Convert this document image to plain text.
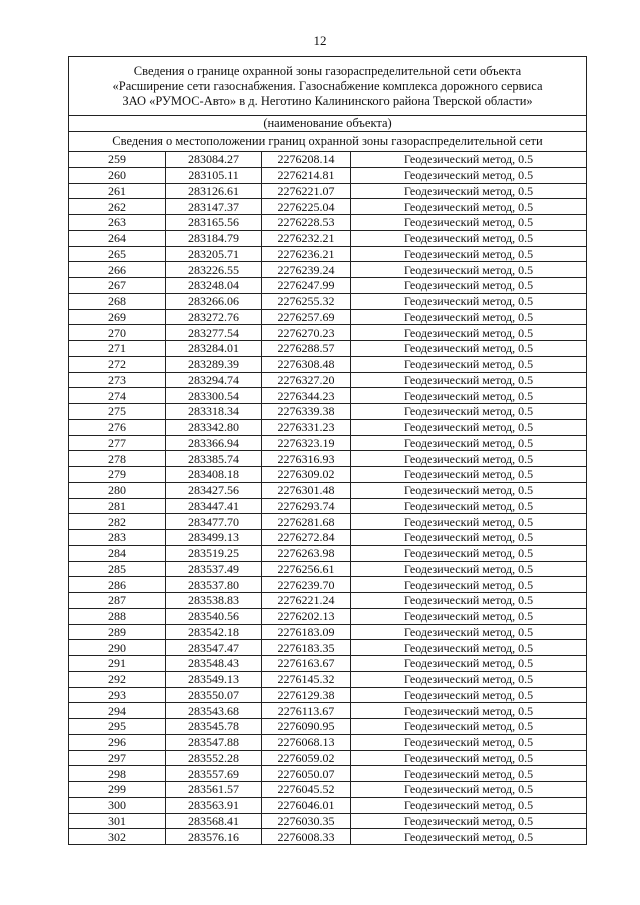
12
Сведения о границе охранной зоны газораспределительной сети объекта
«Расширение сети газоснабжения. Газоснабжение комплекса дорожного сервиса
ЗАО «РУМОС-Авто» в д. Неготино Калининского района Тверской области»			

(наименование объекта)			
Сведения о местоположении границ охранной зоны газораспределительной сети			
259	283084.27	2276208.14	Геодезический метод, 0.5
260	283105.11	2276214.81	Геодезический метод, 0.5
261	283126.61	2276221.07	Геодезический метод, 0.5
262	283147.37	2276225.04	Геодезический метод, 0.5
263	283165.56	2276228.53	Геодезический метод, 0.5
264	283184.79	2276232.21	Геодезический метод, 0.5
265	283205.71	2276236.21	Геодезический метод, 0.5
266	283226.55	2276239.24	Геодезический метод, 0.5
267	283248.04	2276247.99	Геодезический метод, 0.5
268	283266.06	2276255.32	Геодезический метод, 0.5
269	283272.76	2276257.69	Геодезический метод, 0.5
270	283277.54	2276270.23	Геодезический метод, 0.5
271	283284.01	2276288.57	Геодезический метод, 0.5
272	283289.39	2276308.48	Геодезический метод, 0.5
273	283294.74	2276327.20	Геодезический метод, 0.5
274	283300.54	2276344.23	Геодезический метод, 0.5
275	283318.34	2276339.38	Геодезический метод, 0.5
276	283342.80	2276331.23	Геодезический метод, 0.5
277	283366.94	2276323.19	Геодезический метод, 0.5
278	283385.74	2276316.93	Геодезический метод, 0.5
279	283408.18	2276309.02	Геодезический метод, 0.5
280	283427.56	2276301.48	Геодезический метод, 0.5
281	283447.41	2276293.74	Геодезический метод, 0.5
282	283477.70	2276281.68	Геодезический метод, 0.5
283	283499.13	2276272.84	Геодезический метод, 0.5
284	283519.25	2276263.98	Геодезический метод, 0.5
285	283537.49	2276256.61	Геодезический метод, 0.5
286	283537.80	2276239.70	Геодезический метод, 0.5
287	283538.83	2276221.24	Геодезический метод, 0.5
288	283540.56	2276202.13	Геодезический метод, 0.5
289	283542.18	2276183.09	Геодезический метод, 0.5
290	283547.47	2276183.35	Геодезический метод, 0.5
291	283548.43	2276163.67	Геодезический метод, 0.5
292	283549.13	2276145.32	Геодезический метод, 0.5
293	283550.07	2276129.38	Геодезический метод, 0.5
294	283543.68	2276113.67	Геодезический метод, 0.5
295	283545.78	2276090.95	Геодезический метод, 0.5
296	283547.88	2276068.13	Геодезический метод, 0.5
297	283552.28	2276059.02	Геодезический метод, 0.5
298	283557.69	2276050.07	Геодезический метод, 0.5
299	283561.57	2276045.52	Геодезический метод, 0.5
300	283563.91	2276046.01	Геодезический метод, 0.5
301	283568.41	2276030.35	Геодезический метод, 0.5
302	283576.16	2276008.33	Геодезический метод, 0.5
